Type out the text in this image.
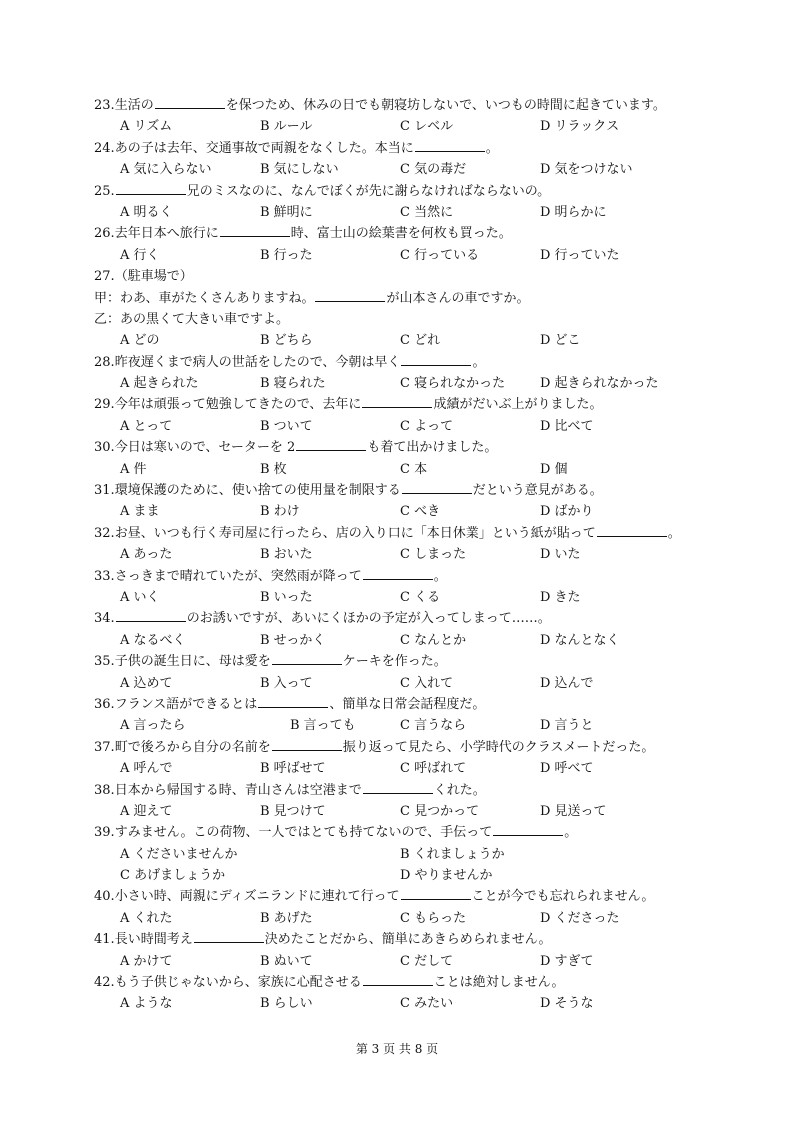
23.生活の	を保つため、休みの日でも朝寝坊しないで、いつもの時間に起きています。
A リズム	B ルール	C レベル	D リラックス
24.あの子は去年、交通事故で両親をなくした。本当に	。
A 気に入らない	B 気にしない	C 気の毒だ	D 気をつけない
25.	兄のミスなのに、なんでぼくが先に謝らなければならないの。
A 明るく	B 鮮明に	C 当然に	D 明らかに
26.去年日本へ旅行に	時、富士山の絵葉書を何枚も買った。
A 行く	B 行った	C 行っている	D 行っていた
27.（駐車場で）
甲：わあ、車がたくさんありますね。	が山本さんの車ですか。
乙：あの黒くて大きい車ですよ。
A どの	B どちら	C どれ	D どこ
28.昨夜遅くまで病人の世話をしたので、今朝は早く	。
A 起きられた	B 寝られた	C 寝られなかった	D 起きられなかった
29.今年は頑張って勉強してきたので、去年に	成績がだいぶ上がりました。
A とって	B ついて	C よって	D 比べて
30.今日は寒いので、セーターを 2	も着て出かけました。
A 件	B 枚	C 本	D 個
31.環境保護のために、使い捨ての使用量を制限する	だという意見がある。
A まま	B わけ	C べき	D ばかり
32.お昼、いつも行く寿司屋に行ったら、店の入り口に「本日休業」という紙が貼って	。
A あった	B おいた	C しまった	D いた
33.さっきまで晴れていたが、突然雨が降って	。
A いく	B いった	C くる	D きた
34.	のお誘いですが、あいにくほかの予定が入ってしまって……。
A なるべく	B せっかく	C なんとか	D なんとなく
35.子供の誕生日に、母は愛を	ケーキを作った。
A 込めて	B 入って	C 入れて	D 込んで
36.フランス語ができるとは	、簡単な日常会話程度だ。
A 言ったら	B 言っても	C 言うなら	D 言うと
37.町で後ろから自分の名前を	振り返って見たら、小学時代のクラスメートだった。
A 呼んで	B 呼ばせて	C 呼ばれて	D 呼べて
38.日本から帰国する時、青山さんは空港まで	くれた。
A 迎えて	B 見つけて	C 見つかって	D 見送って
39.すみません。この荷物、一人ではとても持てないので、手伝って	。
A くださいませんか	B くれましょうか
C あげましょうか	D やりませんか
40.小さい時、両親にディズニランドに連れて行って	ことが今でも忘れられません。
A くれた	B あげた	C もらった	D くださった
41.長い時間考え	決めたことだから、簡単にあきらめられません。
A かけて	B ぬいて	C だして	D すぎて
42.もう子供じゃないから、家族に心配させる	ことは絶対しません。
A ような	B らしい	C みたい	D そうな
第 3 页 共 8 页
